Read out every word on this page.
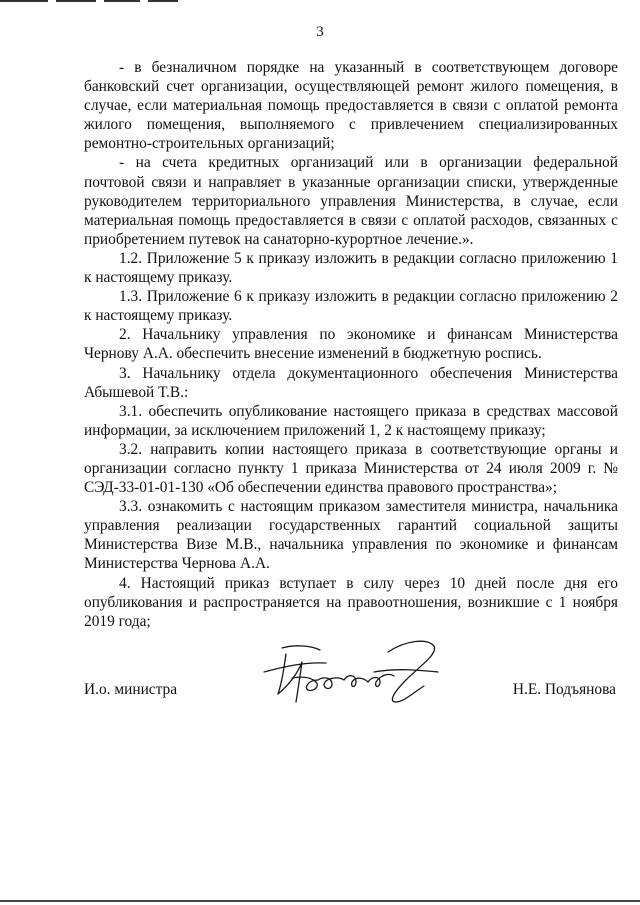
3

- в безналичном порядке на указанный в соответствующем договоре банковский счет организации, осуществляющей ремонт жилого помещения, в случае, если материальная помощь предоставляется в связи с оплатой ремонта жилого помещения, выполняемого с привлечением специализированных ремонтно-строительных организаций;

- на счета кредитных организаций или в организации федеральной почтовой связи и направляет в указанные организации списки, утвержденные руководителем территориального управления Министерства, в случае, если материальная помощь предоставляется в связи с оплатой расходов, связанных с приобретением путевок на санаторно-курортное лечение.».

1.2. Приложение 5 к приказу изложить в редакции согласно приложению 1 к настоящему приказу.

1.3. Приложение 6 к приказу изложить в редакции согласно приложению 2 к настоящему приказу.

2. Начальнику управления по экономике и финансам Министерства Чернову А.А. обеспечить внесение изменений в бюджетную роспись.

3. Начальнику отдела документационного обеспечения Министерства Абышевой Т.В.:

3.1. обеспечить опубликование настоящего приказа в средствах массовой информации, за исключением приложений 1, 2 к настоящему приказу;

3.2. направить копии настоящего приказа в соответствующие органы и организации согласно пункту 1 приказа Министерства от 24 июля 2009 г. № СЭД-33-01-01-130 «Об обеспечении единства правового пространства»;

3.3. ознакомить с настоящим приказом заместителя министра, начальника управления реализации государственных гарантий социальной защиты Министерства Визе М.В., начальника управления по экономике и финансам Министерства Чернова А.А.

4. Настоящий приказ вступает в силу через 10 дней после дня его опубликования и распространяется на правоотношения, возникшие с 1 ноября 2019 года;

И.о. министра	Н.Е. Подъянова
